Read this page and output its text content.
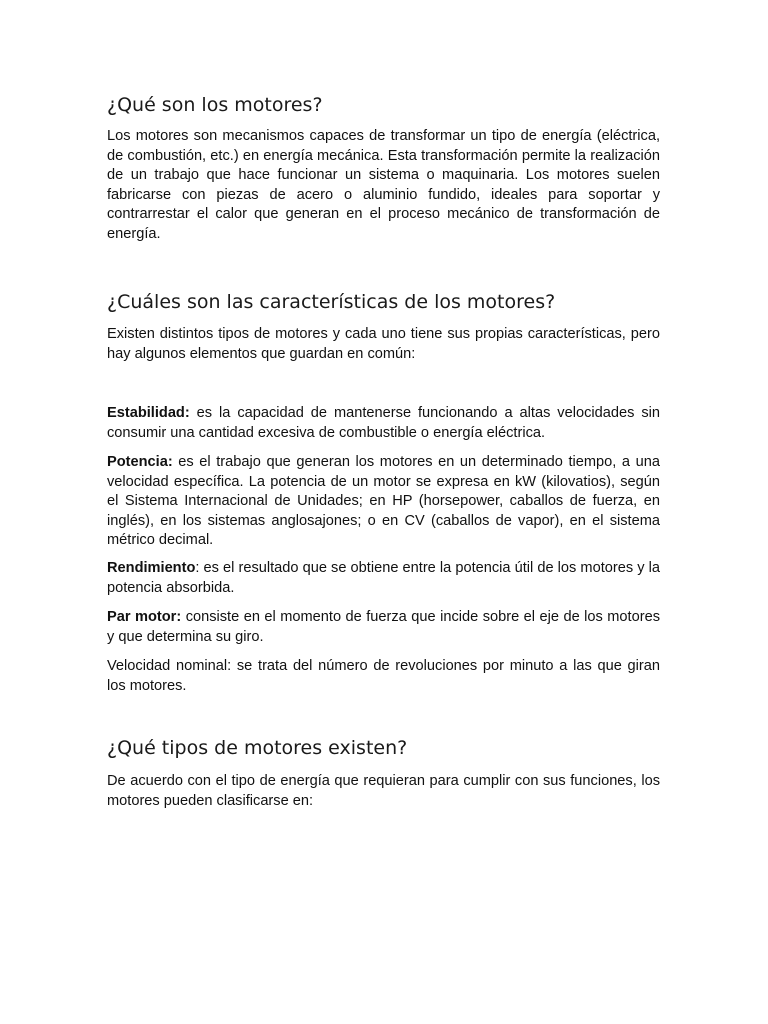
¿Qué son los motores?

Los motores son mecanismos capaces de transformar un tipo de energía (eléctrica, de combustión, etc.) en energía mecánica. Esta transformación permite la realización de un trabajo que hace funcionar un sistema o maquinaria. Los motores suelen fabricarse con piezas de acero o aluminio fundido, ideales para soportar y contrarrestar el calor que generan en el proceso mecánico de transformación de energía.

¿Cuáles son las características de los motores?

Existen distintos tipos de motores y cada uno tiene sus propias características, pero hay algunos elementos que guardan en común:

Estabilidad: es la capacidad de mantenerse funcionando a altas velocidades sin consumir una cantidad excesiva de combustible o energía eléctrica.

Potencia: es el trabajo que generan los motores en un determinado tiempo, a una velocidad específica. La potencia de un motor se expresa en kW (kilovatios), según el Sistema Internacional de Unidades; en HP (horsepower, caballos de fuerza, en inglés), en los sistemas anglosajones; o en CV (caballos de vapor), en el sistema métrico decimal.

Rendimiento: es el resultado que se obtiene entre la potencia útil de los motores y la potencia absorbida.

Par motor: consiste en el momento de fuerza que incide sobre el eje de los motores y que determina su giro.

Velocidad nominal: se trata del número de revoluciones por minuto a las que giran los motores.

¿Qué tipos de motores existen?

De acuerdo con el tipo de energía que requieran para cumplir con sus funciones, los motores pueden clasificarse en:
